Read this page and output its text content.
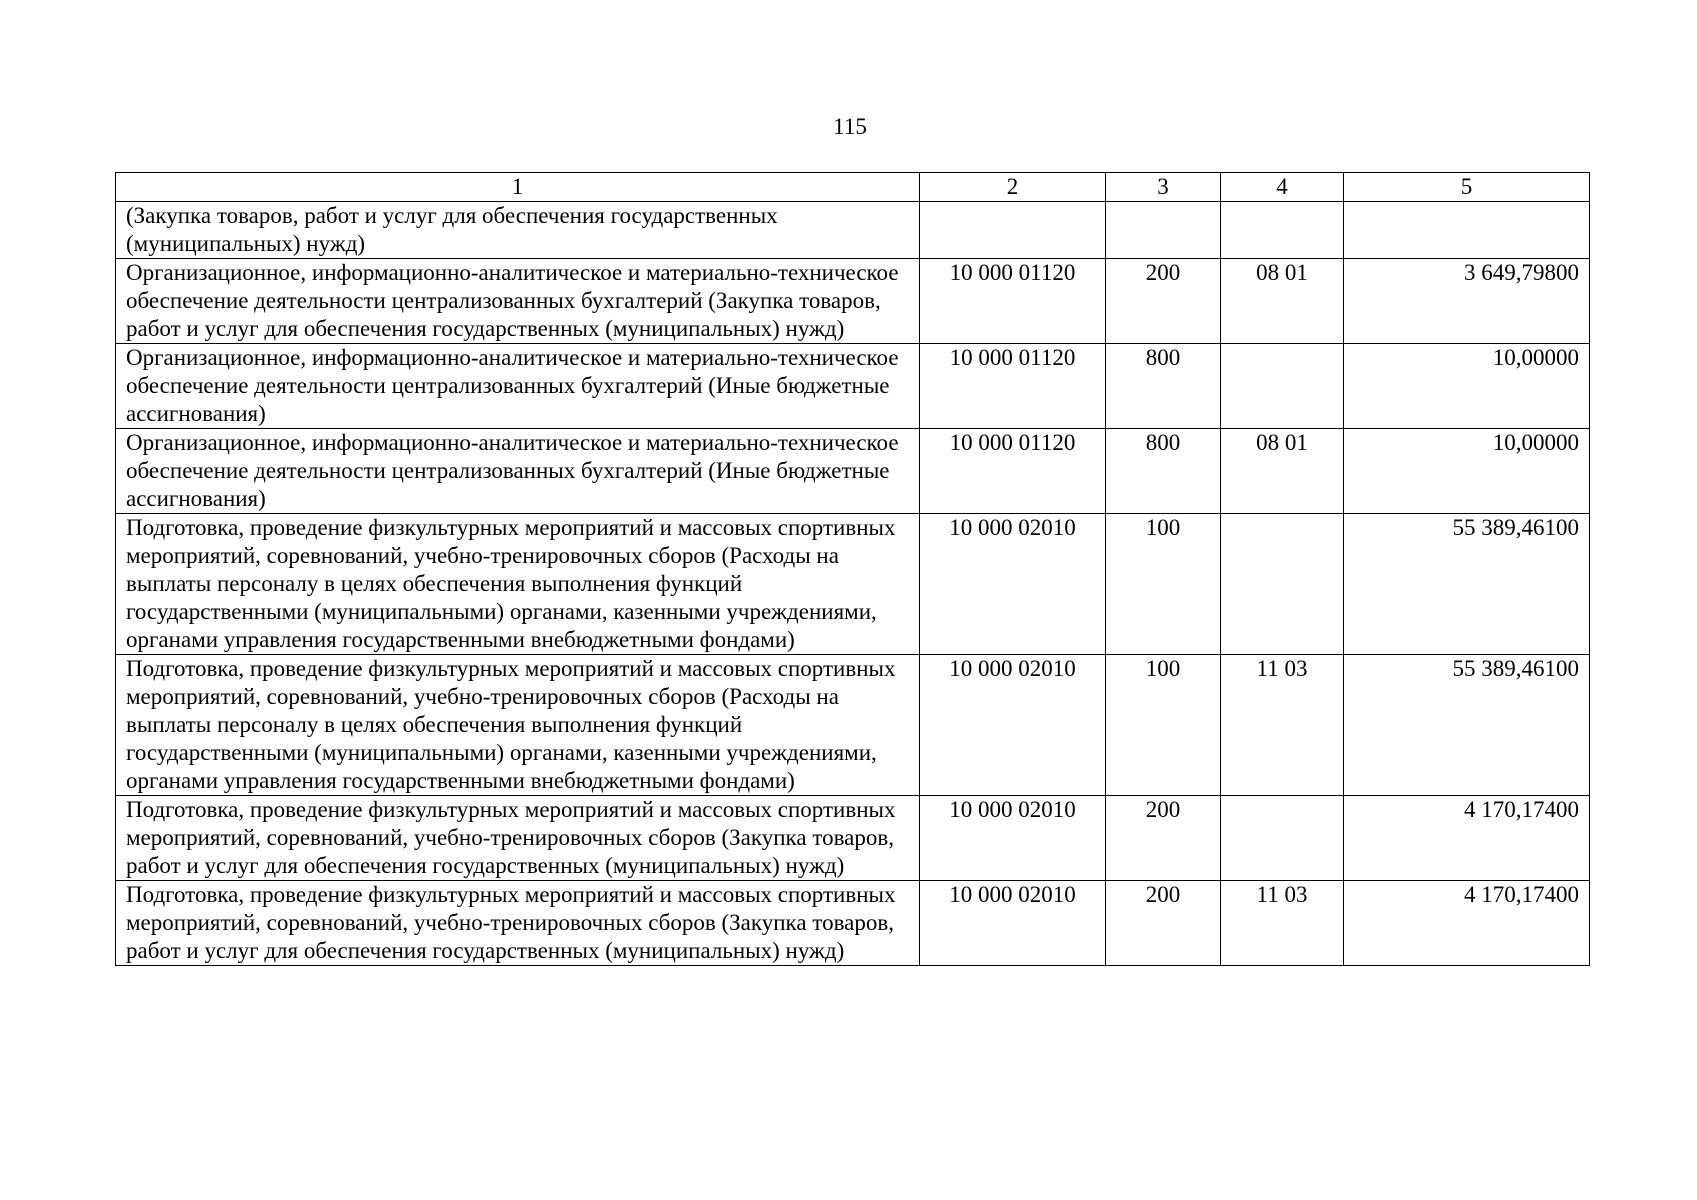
115
1	2	3	4	5
(Закупка товаров, работ и услуг для обеспечения государственных (муниципальных) нужд)				
Организационное, информационно-аналитическое и материально-техническое обеспечение деятельности централизованных бухгалтерий (Закупка товаров, работ и услуг для обеспечения государственных (муниципальных) нужд)	10 000 01120	200	08 01	3 649,79800
Организационное, информационно-аналитическое и материально-техническое обеспечение деятельности централизованных бухгалтерий (Иные бюджетные ассигнования)	10 000 01120	800		10,00000
Организационное, информационно-аналитическое и материально-техническое обеспечение деятельности централизованных бухгалтерий (Иные бюджетные ассигнования)	10 000 01120	800	08 01	10,00000
Подготовка, проведение физкультурных мероприятий и массовых спортивных мероприятий, соревнований, учебно-тренировочных сборов (Расходы на выплаты персоналу в целях обеспечения выполнения функций государственными (муниципальными) органами, казенными учреждениями, органами управления государственными внебюджетными фондами)	10 000 02010	100		55 389,46100
Подготовка, проведение физкультурных мероприятий и массовых спортивных мероприятий, соревнований, учебно-тренировочных сборов (Расходы на выплаты персоналу в целях обеспечения выполнения функций государственными (муниципальными) органами, казенными учреждениями, органами управления государственными внебюджетными фондами)	10 000 02010	100	11 03	55 389,46100
Подготовка, проведение физкультурных мероприятий и массовых спортивных мероприятий, соревнований, учебно-тренировочных сборов (Закупка товаров, работ и услуг для обеспечения государственных (муниципальных) нужд)	10 000 02010	200		4 170,17400
Подготовка, проведение физкультурных мероприятий и массовых спортивных мероприятий, соревнований, учебно-тренировочных сборов (Закупка товаров, работ и услуг для обеспечения государственных (муниципальных) нужд)	10 000 02010	200	11 03	4 170,17400
